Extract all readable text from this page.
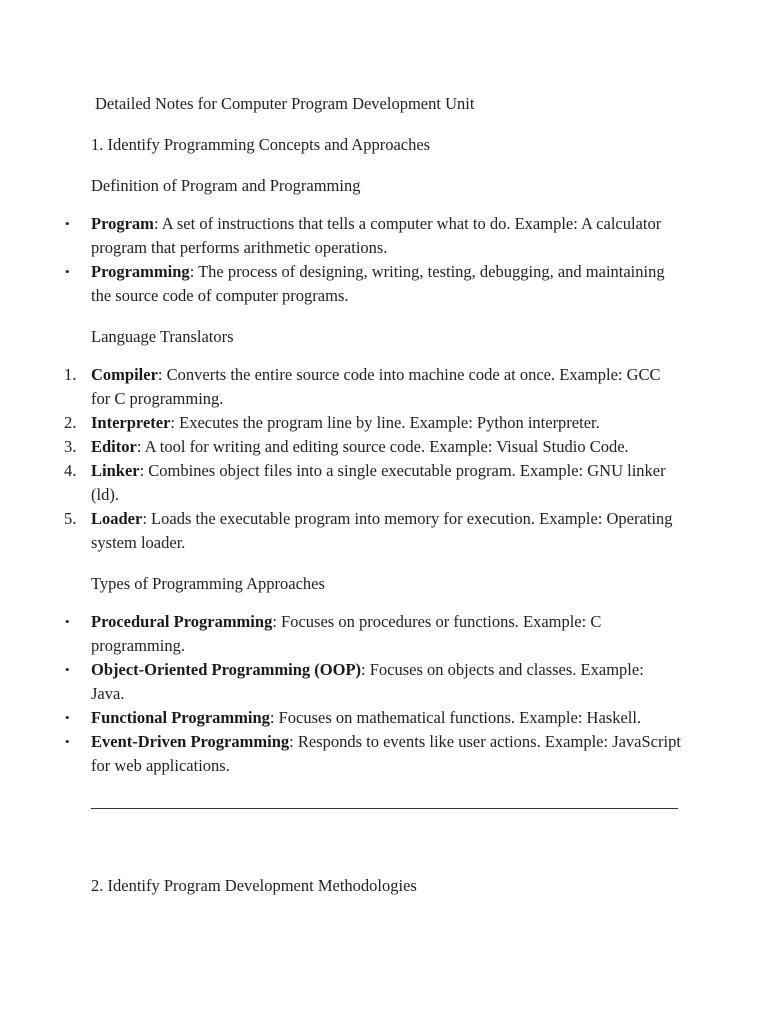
Detailed Notes for Computer Program Development Unit

1. Identify Programming Concepts and Approaches

Definition of Program and Programming

• Program: A set of instructions that tells a computer what to do. Example: A calculator program that performs arithmetic operations.
• Programming: The process of designing, writing, testing, debugging, and maintaining the source code of computer programs.

Language Translators

1. Compiler: Converts the entire source code into machine code at once. Example: GCC for C programming.
2. Interpreter: Executes the program line by line. Example: Python interpreter.
3. Editor: A tool for writing and editing source code. Example: Visual Studio Code.
4. Linker: Combines object files into a single executable program. Example: GNU linker (ld).
5. Loader: Loads the executable program into memory for execution. Example: Operating system loader.

Types of Programming Approaches

• Procedural Programming: Focuses on procedures or functions. Example: C programming.
• Object-Oriented Programming (OOP): Focuses on objects and classes. Example: Java.
• Functional Programming: Focuses on mathematical functions. Example: Haskell.
• Event-Driven Programming: Responds to events like user actions. Example: JavaScript for web applications.

2. Identify Program Development Methodologies
